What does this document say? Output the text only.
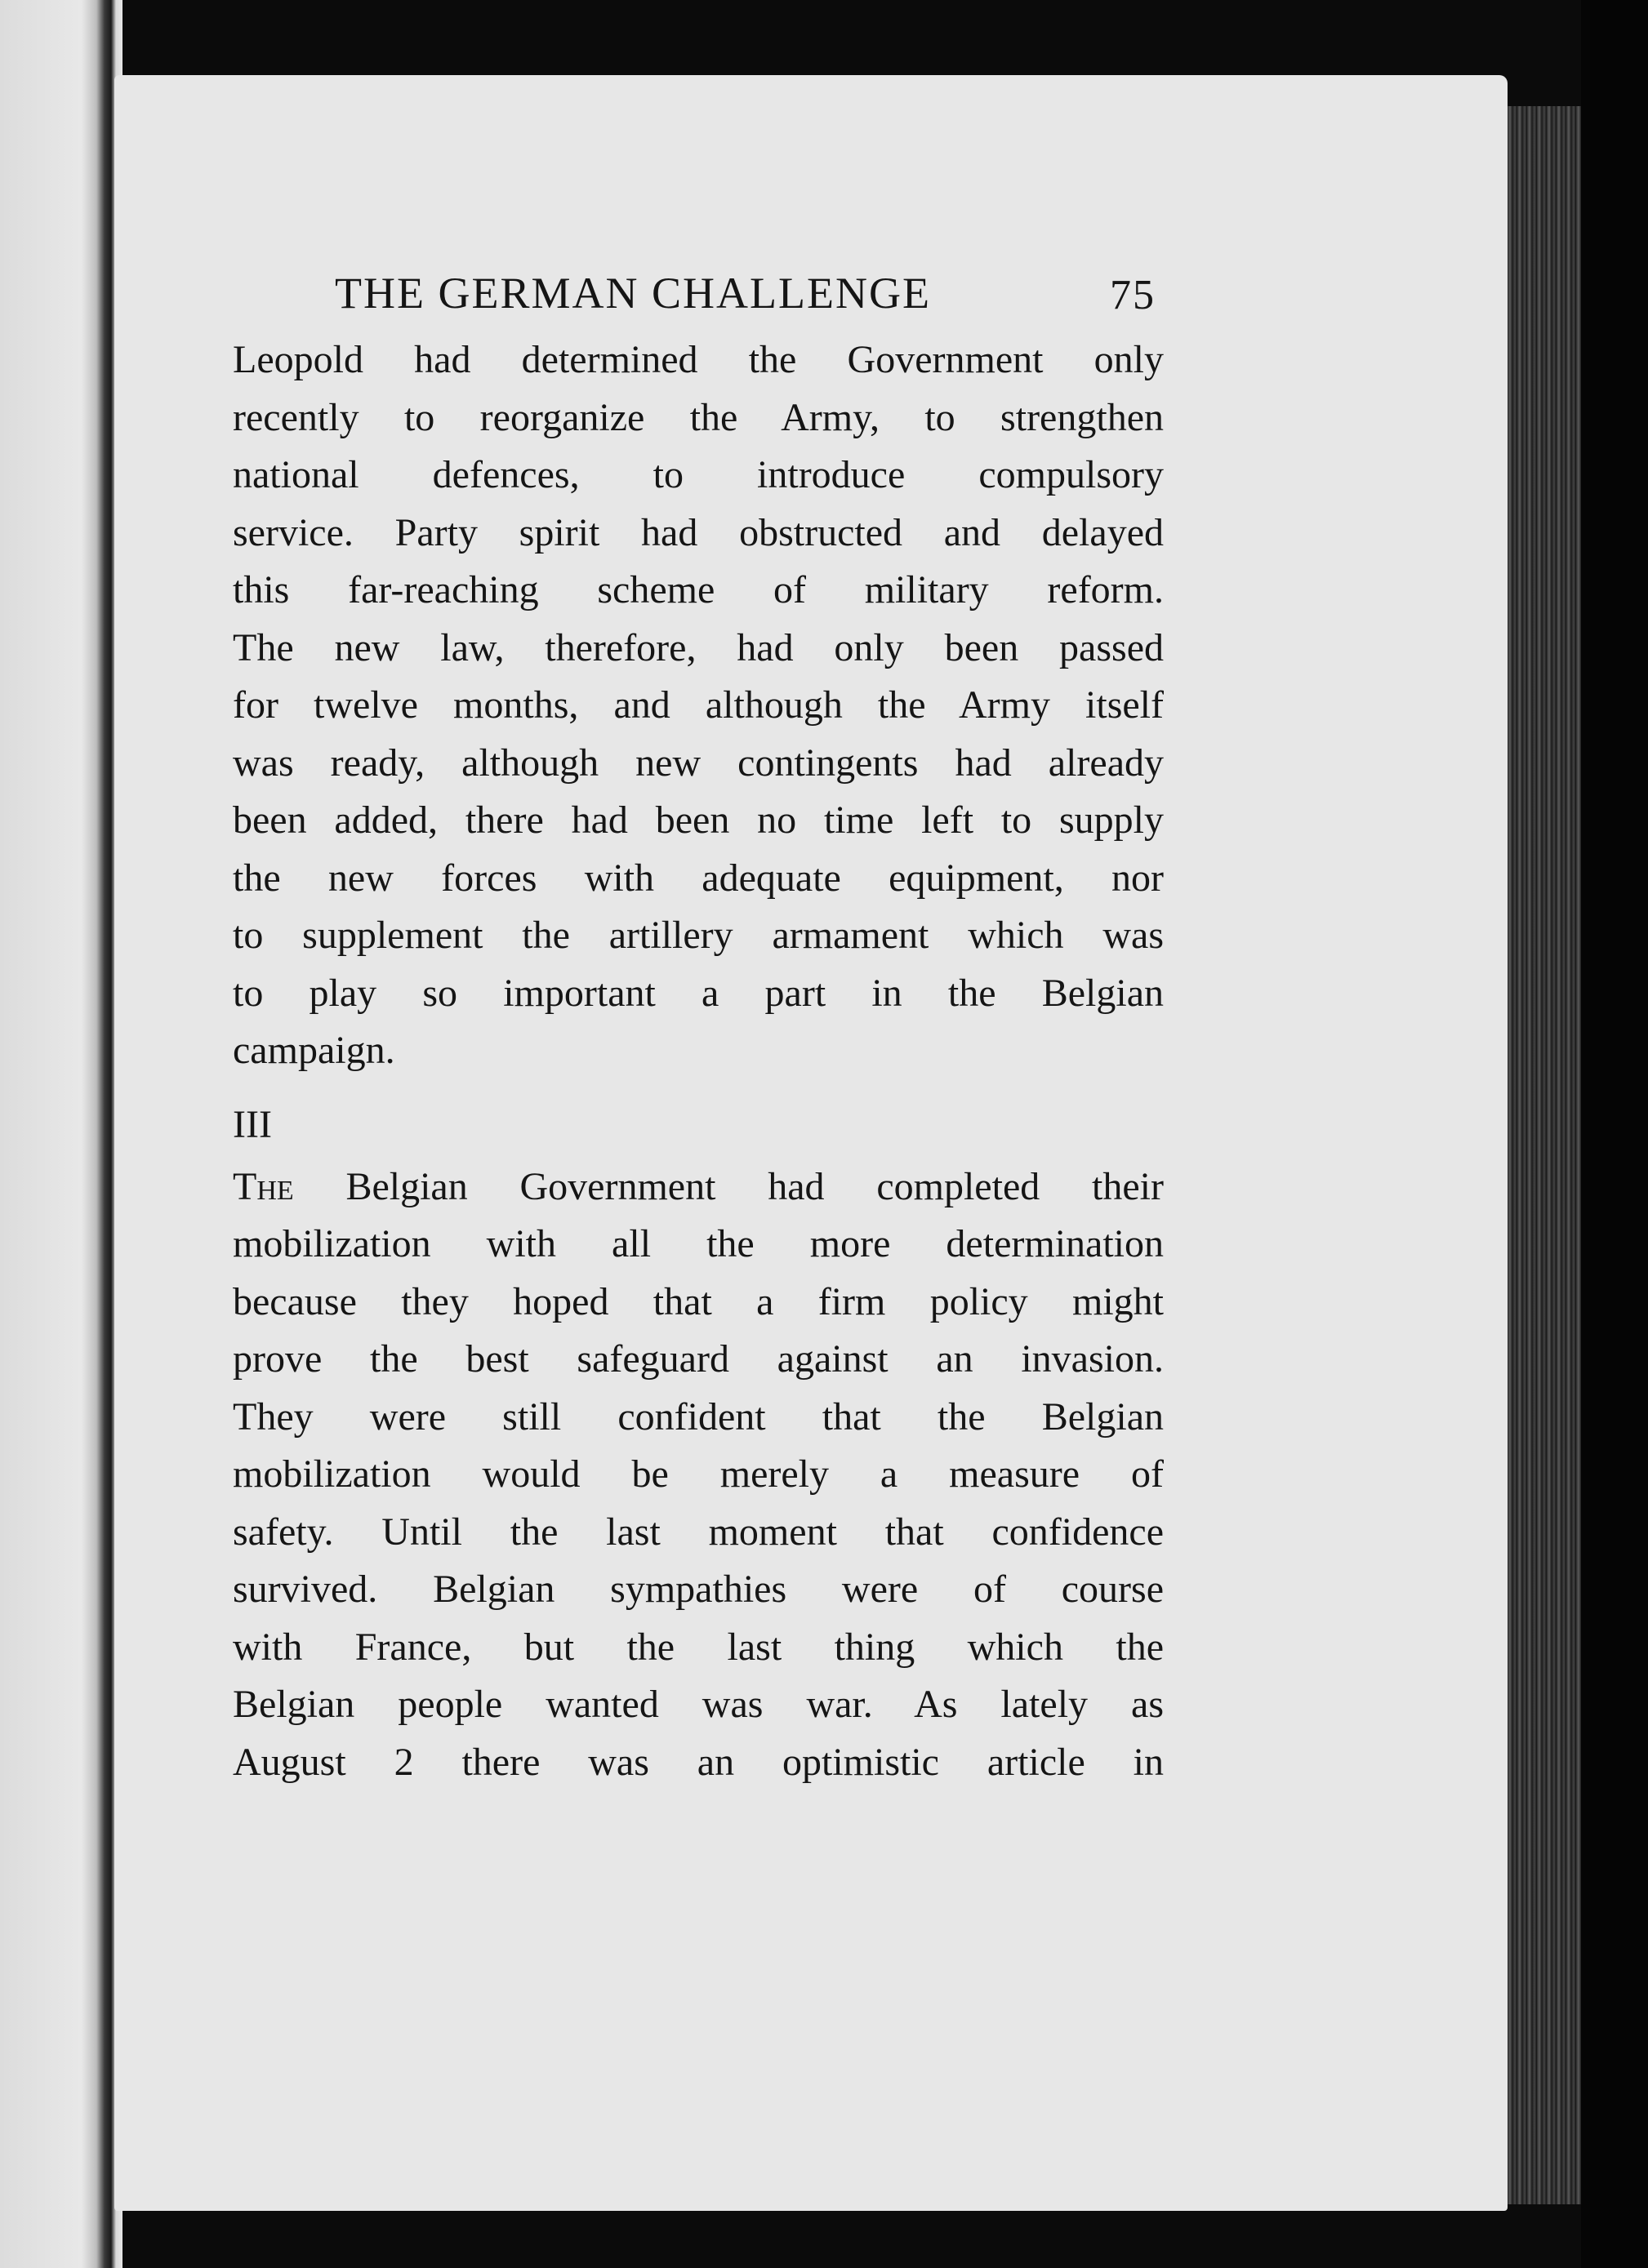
THE GERMAN CHALLENGE	75
Leopold had determined the Government only
recently to reorganize the Army, to strengthen
national defences, to introduce compulsory
service. Party spirit had obstructed and delayed
this far-reaching scheme of military reform.
The new law, therefore, had only been passed
for twelve months, and although the Army itself
was ready, although new contingents had already
been added, there had been no time left to supply
the new forces with adequate equipment, nor
to supplement the artillery armament which was
to play so important a part in the Belgian
campaign.
III
The Belgian Government had completed their
mobilization with all the more determination
because they hoped that a firm policy might
prove the best safeguard against an invasion.
They were still confident that the Belgian
mobilization would be merely a measure of
safety. Until the last moment that confidence
survived. Belgian sympathies were of course
with France, but the last thing which the
Belgian people wanted was war. As lately as
August 2 there was an optimistic article in
